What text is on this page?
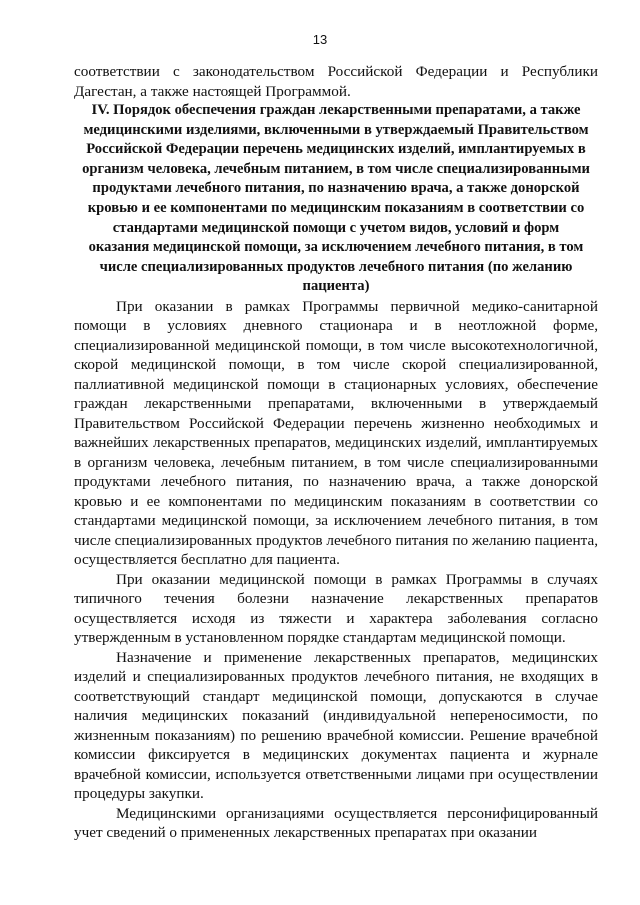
13

соответствии с законодательством Российской Федерации и Республики Дагестан, а также настоящей Программой.

IV. Порядок обеспечения граждан лекарственными препаратами, а также медицинскими изделиями, включенными в утверждаемый Правительством Российской Федерации перечень медицинских изделий, имплантируемых в организм человека, лечебным питанием, в том числе специализированными продуктами лечебного питания, по назначению врача, а также донорской кровью и ее компонентами по медицинским показаниям в соответствии со стандартами медицинской помощи с учетом видов, условий и форм оказания медицинской помощи, за исключением лечебного питания, в том числе специализированных продуктов лечебного питания (по желанию пациента)

При оказании в рамках Программы первичной медико-санитарной помощи в условиях дневного стационара и в неотложной форме, специализированной медицинской помощи, в том числе высокотехнологичной, скорой медицинской помощи, в том числе скорой специализированной, паллиативной медицинской помощи в стационарных условиях, обеспечение граждан лекарственными препаратами, включенными в утверждаемый Правительством Российской Федерации перечень жизненно необходимых и важнейших лекарственных препаратов, медицинских изделий, имплантируемых в организм человека, лечебным питанием, в том числе специализированными продуктами лечебного питания, по назначению врача, а также донорской кровью и ее компонентами по медицинским показаниям в соответствии со стандартами медицинской помощи, за исключением лечебного питания, в том числе специализированных продуктов лечебного питания по желанию пациента, осуществляется бесплатно для пациента.

При оказании медицинской помощи в рамках Программы в случаях типичного течения болезни назначение лекарственных препаратов осуществляется исходя из тяжести и характера заболевания согласно утвержденным в установленном порядке стандартам медицинской помощи.

Назначение и применение лекарственных препаратов, медицинских изделий и специализированных продуктов лечебного питания, не входящих в соответствующий стандарт медицинской помощи, допускаются в случае наличия медицинских показаний (индивидуальной непереносимости, по жизненным показаниям) по решению врачебной комиссии. Решение врачебной комиссии фиксируется в медицинских документах пациента и журнале врачебной комиссии, используется ответственными лицами при осуществлении процедуры закупки.

Медицинскими организациями осуществляется персонифицированный учет сведений о примененных лекарственных препаратах при оказании
